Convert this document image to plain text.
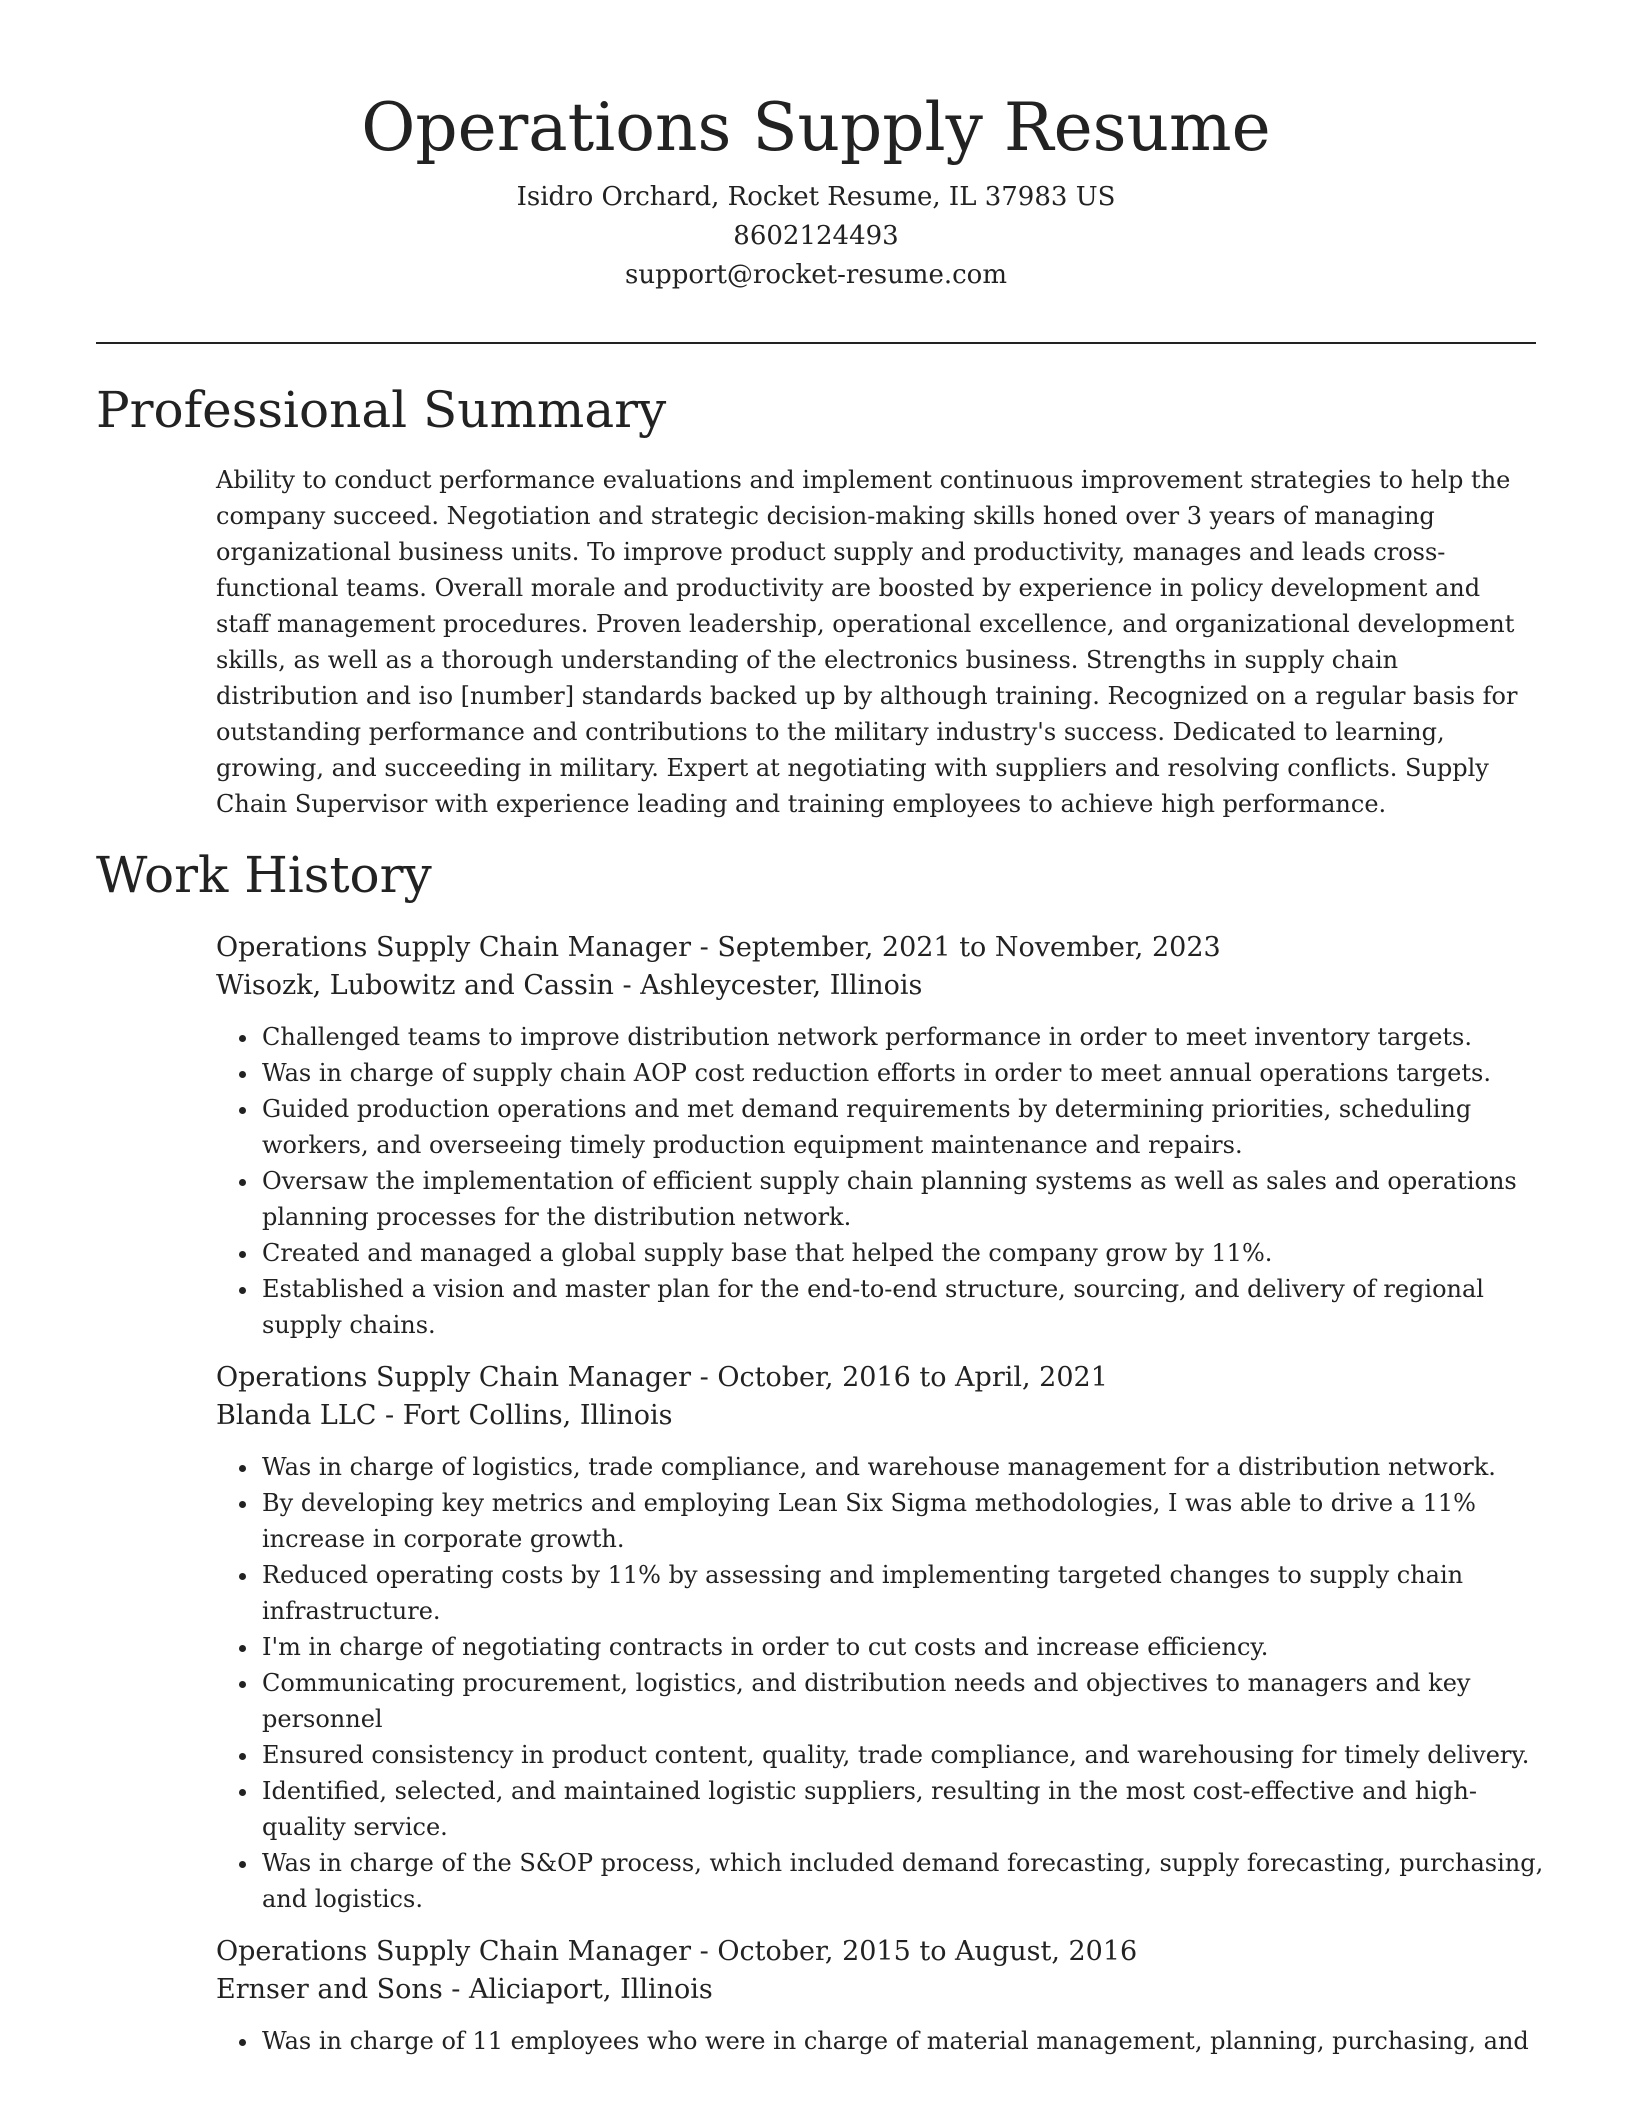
Operations Supply Resume

Isidro Orchard, Rocket Resume, IL 37983 US

8602124493

support@rocket-resume.com

Professional Summary

Ability to conduct performance evaluations and implement continuous improvement strategies to help the company succeed. Negotiation and strategic decision-making skills honed over 3 years of managing organizational business units. To improve product supply and productivity, manages and leads cross-functional teams. Overall morale and productivity are boosted by experience in policy development and staff management procedures. Proven leadership, operational excellence, and organizational development skills, as well as a thorough understanding of the electronics business. Strengths in supply chain distribution and iso [number] standards backed up by although training. Recognized on a regular basis for outstanding performance and contributions to the military industry's success. Dedicated to learning, growing, and succeeding in military. Expert at negotiating with suppliers and resolving conflicts. Supply Chain Supervisor with experience leading and training employees to achieve high performance.

Work History

Operations Supply Chain Manager - September, 2021 to November, 2023

Wisozk, Lubowitz and Cassin - Ashleycester, Illinois

• Challenged teams to improve distribution network performance in order to meet inventory targets.
• Was in charge of supply chain AOP cost reduction efforts in order to meet annual operations targets.
• Guided production operations and met demand requirements by determining priorities, scheduling workers, and overseeing timely production equipment maintenance and repairs.
• Oversaw the implementation of efficient supply chain planning systems as well as sales and operations planning processes for the distribution network.
• Created and managed a global supply base that helped the company grow by 11%.
• Established a vision and master plan for the end-to-end structure, sourcing, and delivery of regional supply chains.

Operations Supply Chain Manager - October, 2016 to April, 2021

Blanda LLC - Fort Collins, Illinois

• Was in charge of logistics, trade compliance, and warehouse management for a distribution network.
• By developing key metrics and employing Lean Six Sigma methodologies, I was able to drive a 11% increase in corporate growth.
• Reduced operating costs by 11% by assessing and implementing targeted changes to supply chain infrastructure.
• I'm in charge of negotiating contracts in order to cut costs and increase efficiency.
• Communicating procurement, logistics, and distribution needs and objectives to managers and key personnel
• Ensured consistency in product content, quality, trade compliance, and warehousing for timely delivery.
• Identified, selected, and maintained logistic suppliers, resulting in the most cost-effective and high-quality service.
• Was in charge of the S&OP process, which included demand forecasting, supply forecasting, purchasing, and logistics.

Operations Supply Chain Manager - October, 2015 to August, 2016

Ernser and Sons - Aliciaport, Illinois

• Was in charge of 11 employees who were in charge of material management, planning, purchasing, and
